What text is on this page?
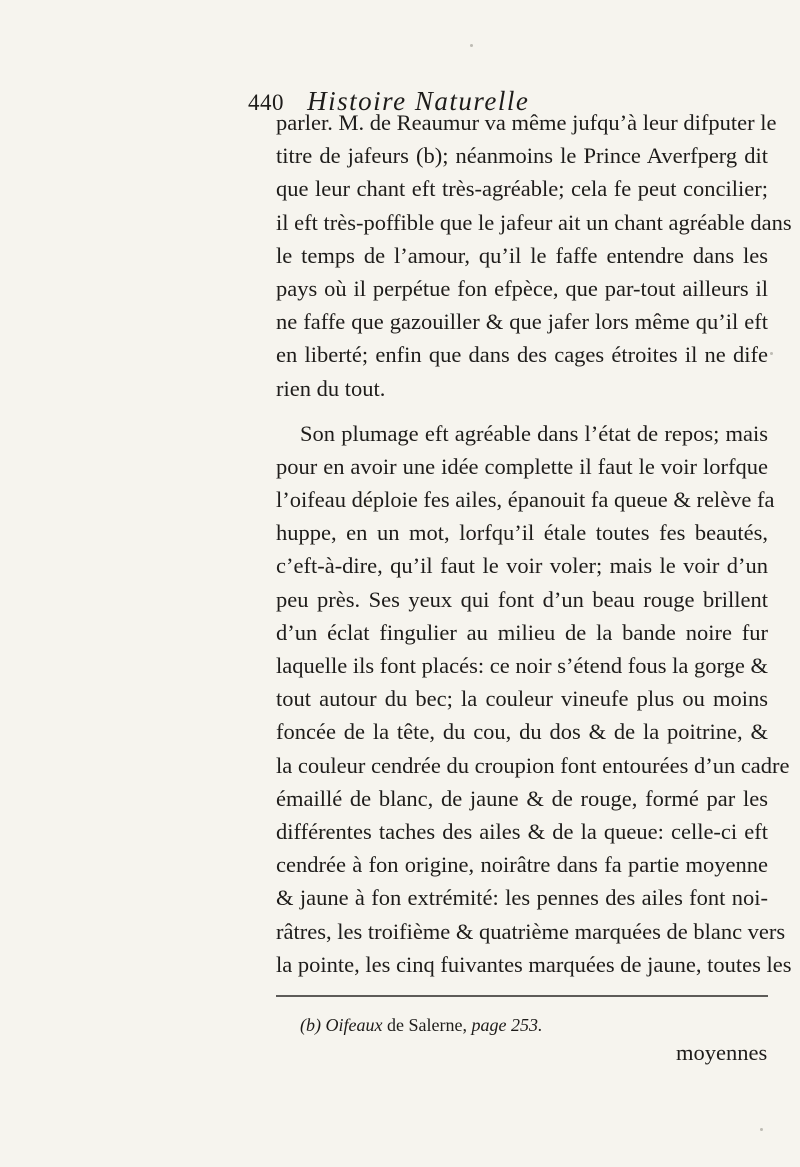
440 Histoire Naturelle
parler. M. de Reaumur va même jufqu’à leur difputer le
titre de jafeurs (b); néanmoins le Prince Averfperg dit
que leur chant eft très-agréable; cela fe peut concilier;
il eft très-poffible que le jafeur ait un chant agréable dans
le temps de l’amour, qu’il le faffe entendre dans les
pays où il perpétue fon efpèce, que par-tout ailleurs il
ne faffe que gazouiller & que jafer lors même qu’il eft
en liberté; enfin que dans des cages étroites il ne dife
rien du tout.
Son plumage eft agréable dans l’état de repos; mais
pour en avoir une idée complette il faut le voir lorfque
l’oifeau déploie fes ailes, épanouit fa queue & relève fa
huppe, en un mot, lorfqu’il étale toutes fes beautés,
c’eft-à-dire, qu’il faut le voir voler; mais le voir d’un
peu près. Ses yeux qui font d’un beau rouge brillent
d’un éclat fingulier au milieu de la bande noire fur
laquelle ils font placés: ce noir s’étend fous la gorge &
tout autour du bec; la couleur vineufe plus ou moins
foncée de la tête, du cou, du dos & de la poitrine, &
la couleur cendrée du croupion font entourées d’un cadre
émaillé de blanc, de jaune & de rouge, formé par les
différentes taches des ailes & de la queue: celle-ci eft
cendrée à fon origine, noirâtre dans fa partie moyenne
& jaune à fon extrémité: les pennes des ailes font noi-
râtres, les troifième & quatrième marquées de blanc vers
la pointe, les cinq fuivantes marquées de jaune, toutes les
(b) Oifeaux de Salerne, page 253.
moyennes
